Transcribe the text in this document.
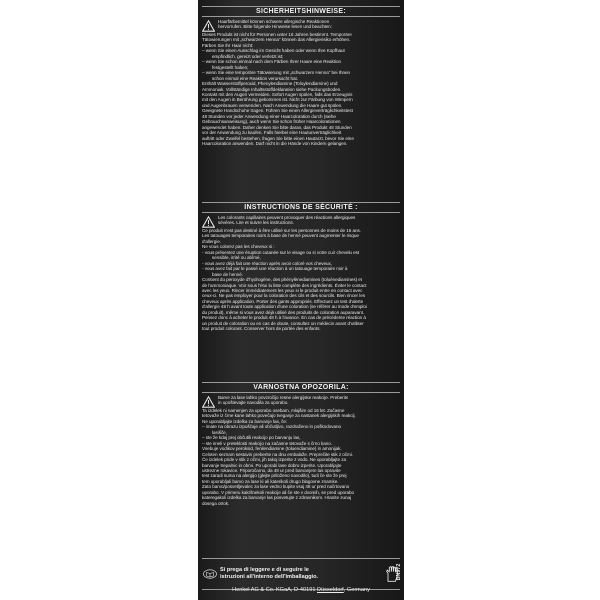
SICHERHEITSHINWEISE:
Haarfärbemittel können schwere allergische Reaktionen
hervorrufen. Bitte folgende Hinweise lesen und beachten:
Dieses Produkt ist nicht für Personen unter 16 Jahren bestimmt. Temporäre
Tätowierungen mit „schwarzem Henna" können das Allergierisiko erhöhen.
Färben Sie Ihr Haar nicht:
– wenn Sie einen Ausschlag im Gesicht haben oder wenn Ihre Kopfhaut
empfindlich, gereizt oder verletzt ist;
– wenn Sie schon einmal nach dem Färben Ihrer Haare eine Reaktion
festgestellt haben;
– wenn Sie eine temporäre Tätowierung mit „schwarzem Henna" bei Ihnen
schon einmal eine Reaktion verursacht hat.
Enthält Wasserstoffperoxid, Phenylendiamine (Toluylendiamine) und
Ammoniak. Vollständige Inhaltsstoffdeklaration siehe Packungsboden.
Kontakt mit den Augen vermeiden. Sofort Augen spülen, falls das Erzeugnis
mit den Augen in Berührung gekommen ist. Nicht zur Färbung von Wimpern
und Augenbrauen verwenden. Nach Anwendung die Haare gut spülen.
Geeignete Handschuhe tragen. Führen Sie einen Allergieverträglichkeitstest
48 Stunden vor jeder Anwendung einer Haarcoloration durch (siehe
Gebrauchsanweisung), auch wenn Sie schon früher Haarcolorationen
angewendet haben. Daher denken Sie bitte daran, das Produkt 48 Stunden
vor der Anwendung zu kaufen. Falls hierbei eine Hautunverträglichkeit
auftritt oder Zweifel bestehen, fragen Sie bitte einen Hautarzt, bevor Sie eine
Haarcoloration anwenden. Darf nicht in die Hände von Kindern gelangen.
INSTRUCTIONS DE SÉCURITÉ :
Les colorants capillaires peuvent provoquer des réactions allergiques
sévères. Lire et suivre les instructions.
Ce produit n'est pas destiné à être utilisé sur les personnes de moins de 16 ans.
Les tatouages temporaires noirs à base de henné peuvent augmenter le risque
d'allergie.
Ne vous colorez pas les cheveux si :
- vous présentez une éruption cutanée sur le visage ou si votre cuir chevelu est
sensible, irrité ou abîmé,
- vous avez déjà fait une réaction après avoir coloré vos cheveux,
- vous avez fait par le passé une réaction à un tatouage temporaire noir à
base de henné.
Contient du peroxyde d'hydrogène, des phénylènediamines (toluènediamines) et
de l'ammoniaque. Voir sous l'étui la liste complète des ingrédients. Éviter le contact
avec les yeux. Rincer immédiatement les yeux si le produit entre en contact avec
ceux-ci. Ne pas employer pour la coloration des cils et des sourcils. Bien rincer les
cheveux après application. Porter des gants appropriés. Effectuez un test d'alerte
d'allergie 48 h avant toute application d'une coloration (se référer au mode d'emploi
du produit), même si vous avez déjà utilisé des produits de coloration auparavant.
Pensez donc à acheter le produit 48 h à l'avance. En cas de précédente réaction à
un produit de coloration ou en cas de doute, consultez un médecin avant d'utiliser
tout produit colorant. Conserver hors de portée des enfants.
VARNOSTNA OPOZORILA:
Barve za lase lahko povzročijo resne alergijske reakcije. Preberite
in upoštevajte navodila za uporabo.
Ta izdelek ni namenjen za uporabo osebam, mlajšim od 16 let. Začasne
tetovaže iz črne kane lahko povečajo tveganje za nastanek alergijskih reakcij.
Ne uporabljajte izdelka za barvanje las, če:
– imate na obrazu izpuščaje ali občutljivo, razdraženo in poškodovano
lasišče,
– ste že kdaj prej občutili reakcijo po barvanju las,
– ste imeli v preteklosti reakcijo na začasne tetovaže s črno kano.
Vsebuje vodikov peroksid, fenilendiamine (toluendiamine) in amonijak.
Celoten seznam sestavin preberite na dnu embalaže. Preprečite stik z očmi.
Če izdelek pride v stik z očmi, jih takoj izperite z vodo. Ne uporabljajte za
barvanje trepalnic in obrvi. Po uporabi lase dobro izperite. Uporabljajte
ustrezne rokavice. Priporočamo, da 48 ur pred barvanjem las opravite
test zaradi suma na alergijo (glejte priloženo navodilo), tudi če ste že prej
tem uporabljali barvo za lase ki ali katerikoli drugo blagovne znamke.
Zato barvo/posvetljevalec za lase vedno kupite vsaj 48 ur pred načrtovano
uporabo. V primeru kakršnekoli reakcije ali če ste v dvomih, se pred uporabo
kateregakoli izdelka za barvanje las posvetujte z zdravnikom. Hranite zunaj
dosega otrok.
Si prega di leggere e di seguire le
istruzioni all'interno dell'imballaggio.
Henkel AG & Co. KGaA, D-40191 Düsseldorf, Germany
BN972
